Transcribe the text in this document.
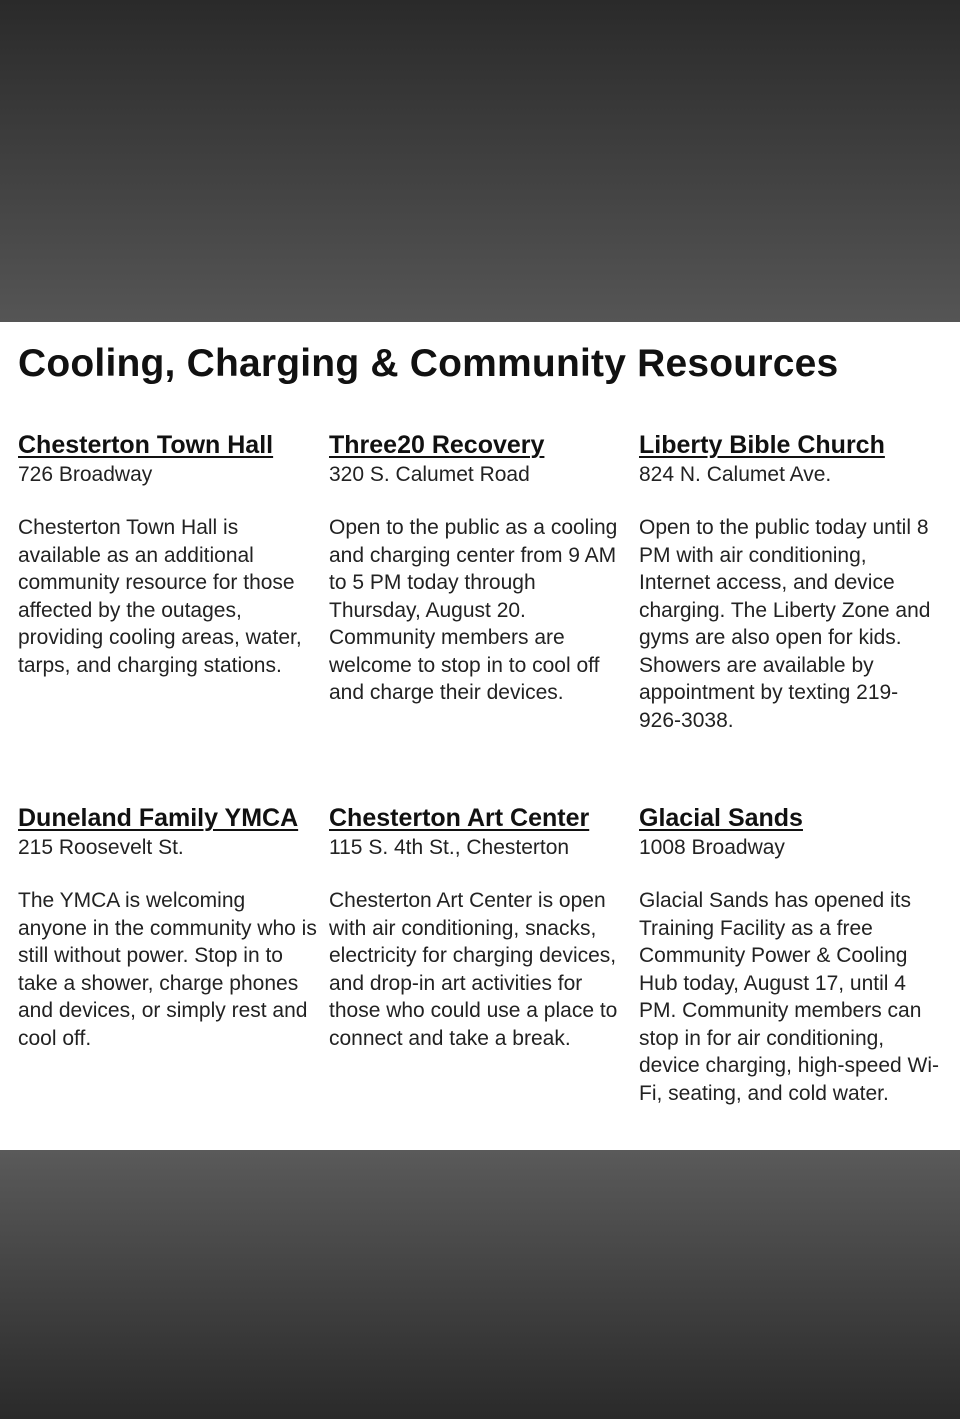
Cooling, Charging & Community Resources

Chesterton Town Hall

726 Broadway

Chesterton Town Hall is available as an additional community resource for those affected by the outages, providing cooling areas, water, tarps, and charging stations.

Three20 Recovery

320 S. Calumet Road

Open to the public as a cooling and charging center from 9 AM to 5 PM today through Thursday, August 20. Community members are welcome to stop in to cool off and charge their devices.

Liberty Bible Church

824 N. Calumet Ave.

Open to the public today until 8 PM with air conditioning, Internet access, and device charging. The Liberty Zone and gyms are also open for kids. Showers are available by appointment by texting 219-926-3038.

Duneland Family YMCA

215 Roosevelt St.

The YMCA is welcoming anyone in the community who is still without power. Stop in to take a shower, charge phones and devices, or simply rest and cool off.

Chesterton Art Center

115 S. 4th St., Chesterton

Chesterton Art Center is open with air conditioning, snacks, electricity for charging devices, and drop-in art activities for those who could use a place to connect and take a break.

Glacial Sands

1008 Broadway

Glacial Sands has opened its Training Facility as a free Community Power & Cooling Hub today, August 17, until 4 PM. Community members can stop in for air conditioning, device charging, high-speed Wi-Fi, seating, and cold water.
